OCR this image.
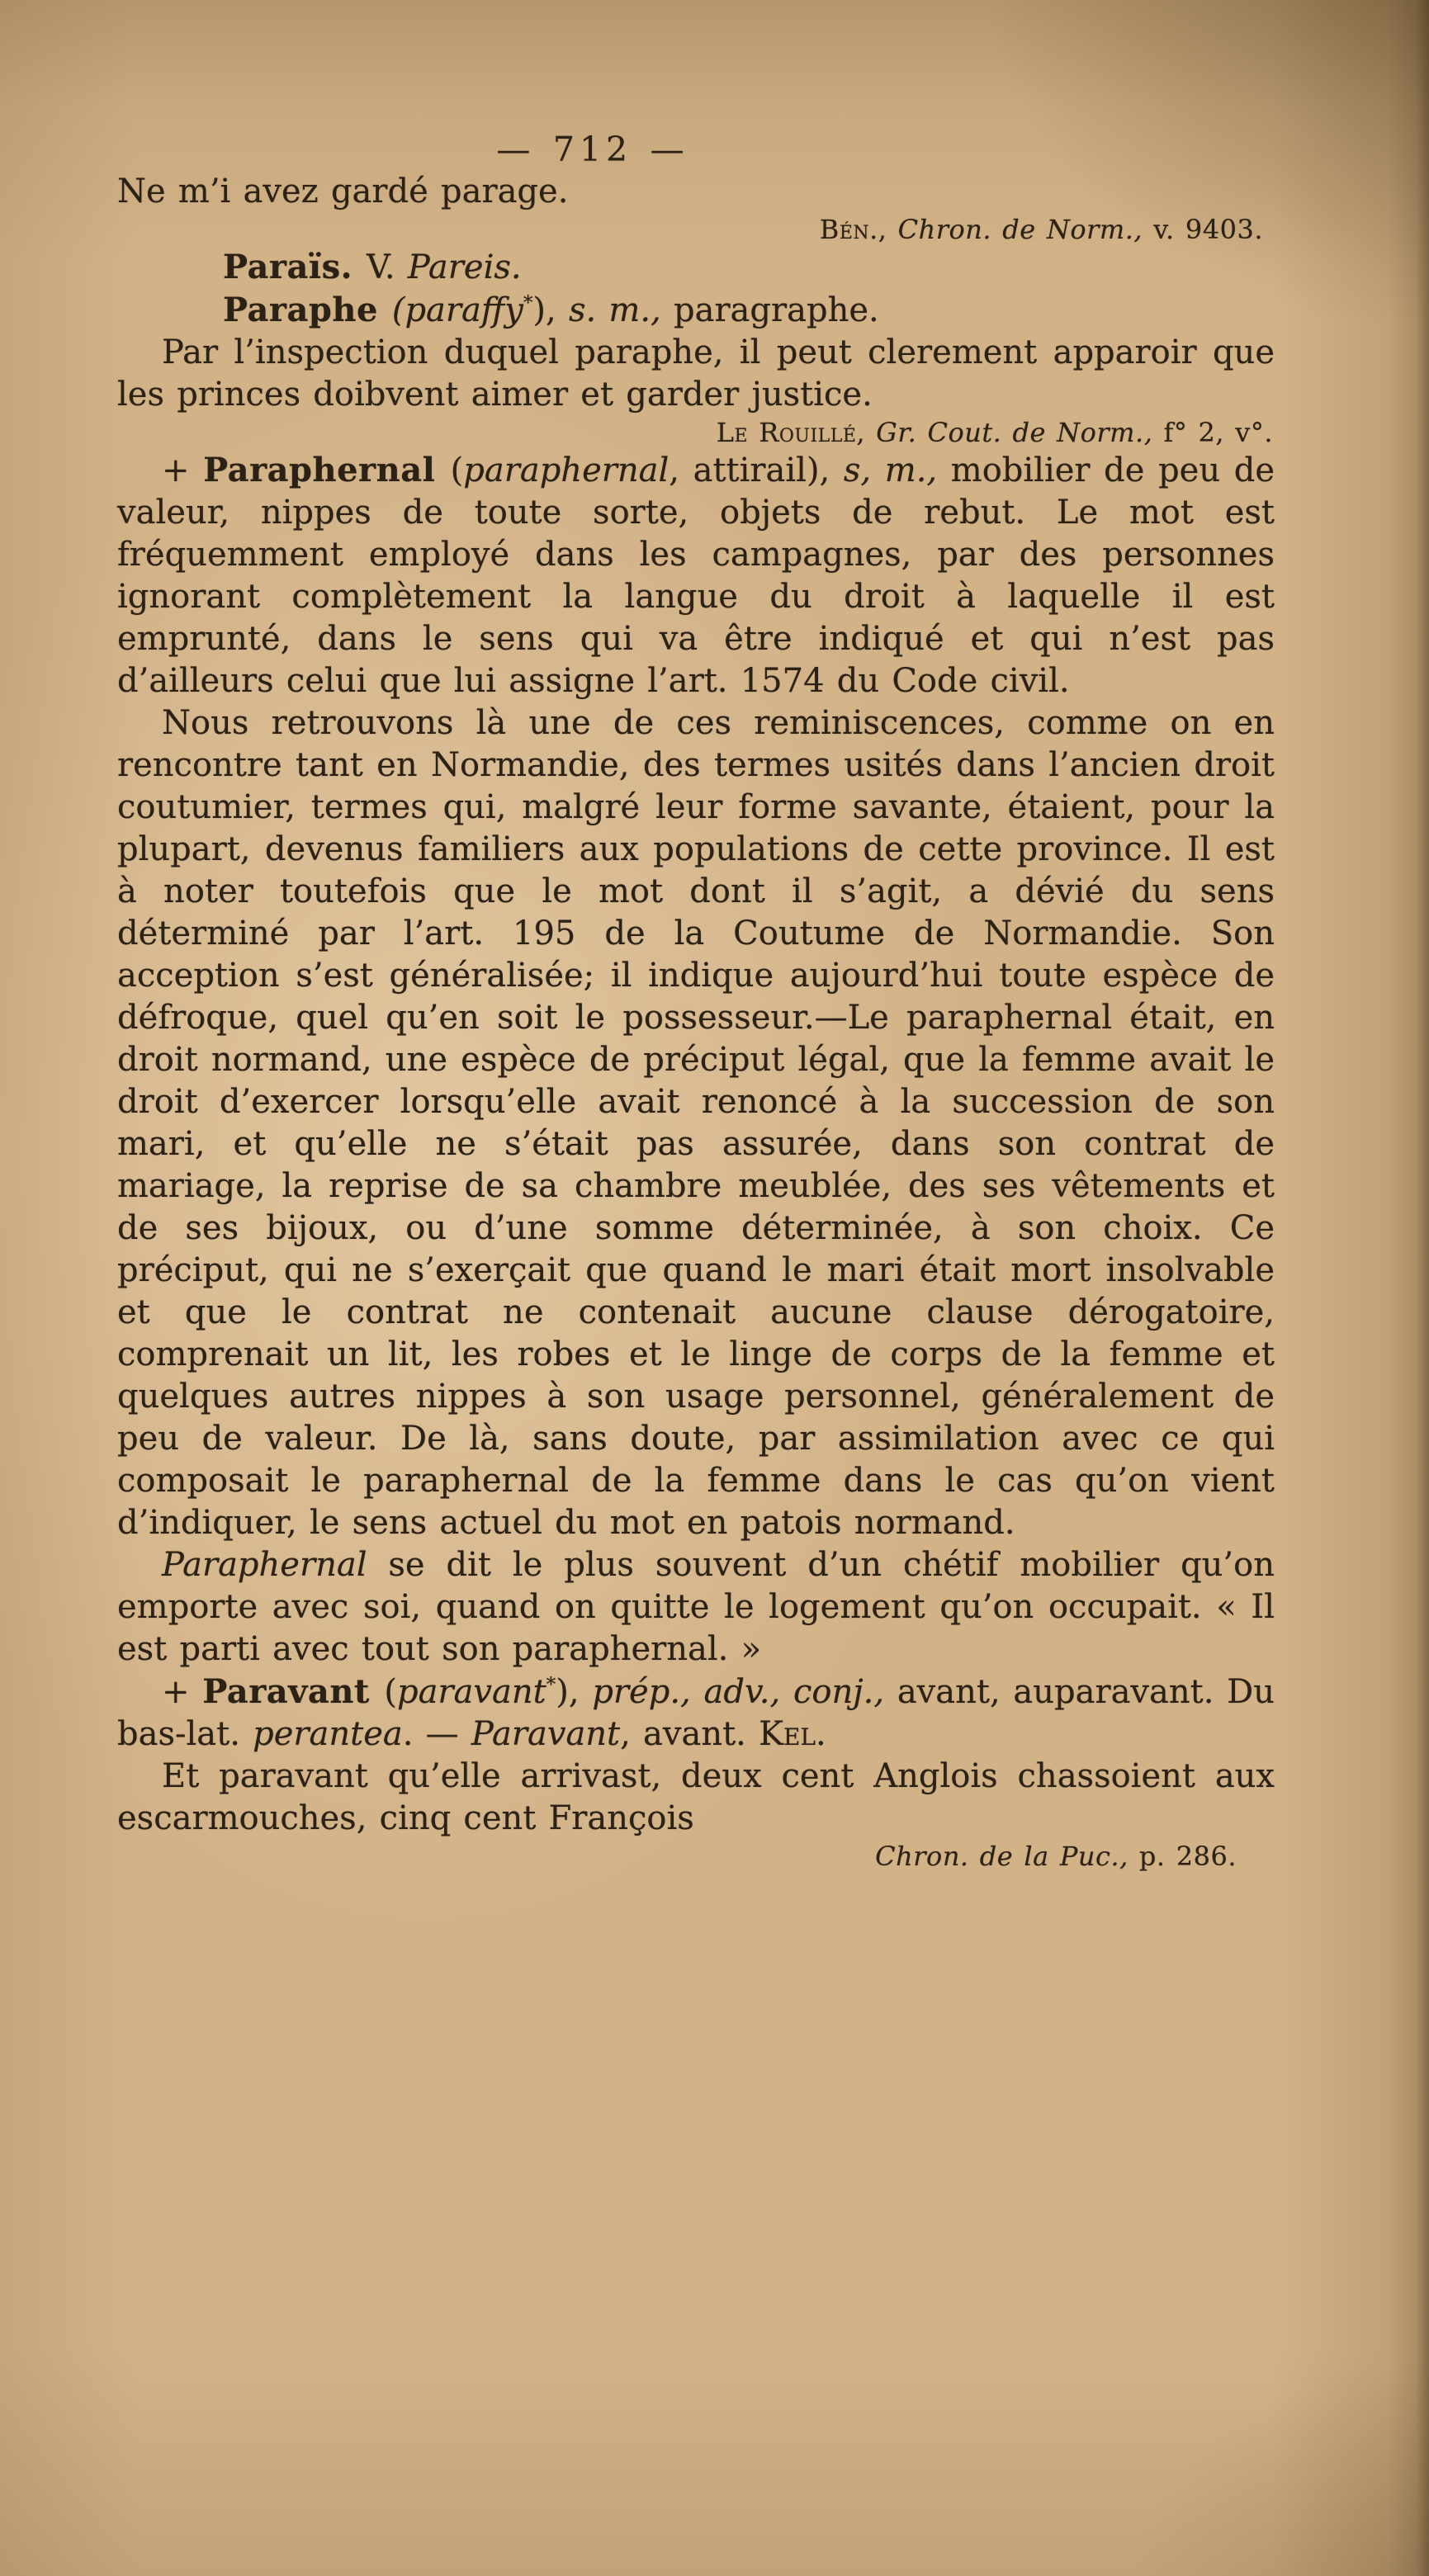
— 712 —

Ne m’i avez gardé parage.

Bén., Chron. de Norm., v. 9403.

Paraïs. V. Pareis.

Paraphe (paraffy*), s. m., paragraphe.

Par l’inspection duquel paraphe, il peut clerement apparoir que les princes doibvent aimer et garder justice.

Le Rouillé, Gr. Cout. de Norm., f° 2, v°.

+ Paraphernal (paraphernal, attirail), s, m., mobilier de peu de valeur, nippes de toute sorte, objets de rebut. Le mot est fréquemment employé dans les campagnes, par des personnes ignorant complètement la langue du droit à laquelle il est emprunté, dans le sens qui va être indiqué et qui n’est pas d’ailleurs celui que lui assigne l’art. 1574 du Code civil.

Nous retrouvons là une de ces reminiscences, comme on en rencontre tant en Normandie, des termes usités dans l’ancien droit coutumier, termes qui, malgré leur forme savante, étaient, pour la plupart, devenus familiers aux populations de cette province. Il est à noter toutefois que le mot dont il s’agit, a dévié du sens déterminé par l’art. 195 de la Coutume de Normandie. Son acception s’est généralisée; il indique aujourd’hui toute espèce de défroque, quel qu’en soit le possesseur.—Le paraphernal était, en droit normand, une espèce de préciput légal, que la femme avait le droit d’exercer lorsqu’elle avait renoncé à la succession de son mari, et qu’elle ne s’était pas assurée, dans son contrat de mariage, la reprise de sa chambre meublée, des ses vêtements et de ses bijoux, ou d’une somme déterminée, à son choix. Ce préciput, qui ne s’exerçait que quand le mari était mort insolvable et que le contrat ne contenait aucune clause dérogatoire, comprenait un lit, les robes et le linge de corps de la femme et quelques autres nippes à son usage personnel, généralement de peu de valeur. De là, sans doute, par assimilation avec ce qui composait le paraphernal de la femme dans le cas qu’on vient d’indiquer, le sens actuel du mot en patois normand.

Paraphernal se dit le plus souvent d’un chétif mobilier qu’on emporte avec soi, quand on quitte le logement qu’on occupait. « Il est parti avec tout son paraphernal. »

+ Paravant (paravant*), prép., adv., conj., avant, auparavant. Du bas-lat. perantea. — Paravant, avant. Kel.

Et paravant qu’elle arrivast, deux cent Anglois chassoient aux escarmouches, cinq cent François

Chron. de la Puc., p. 286.
